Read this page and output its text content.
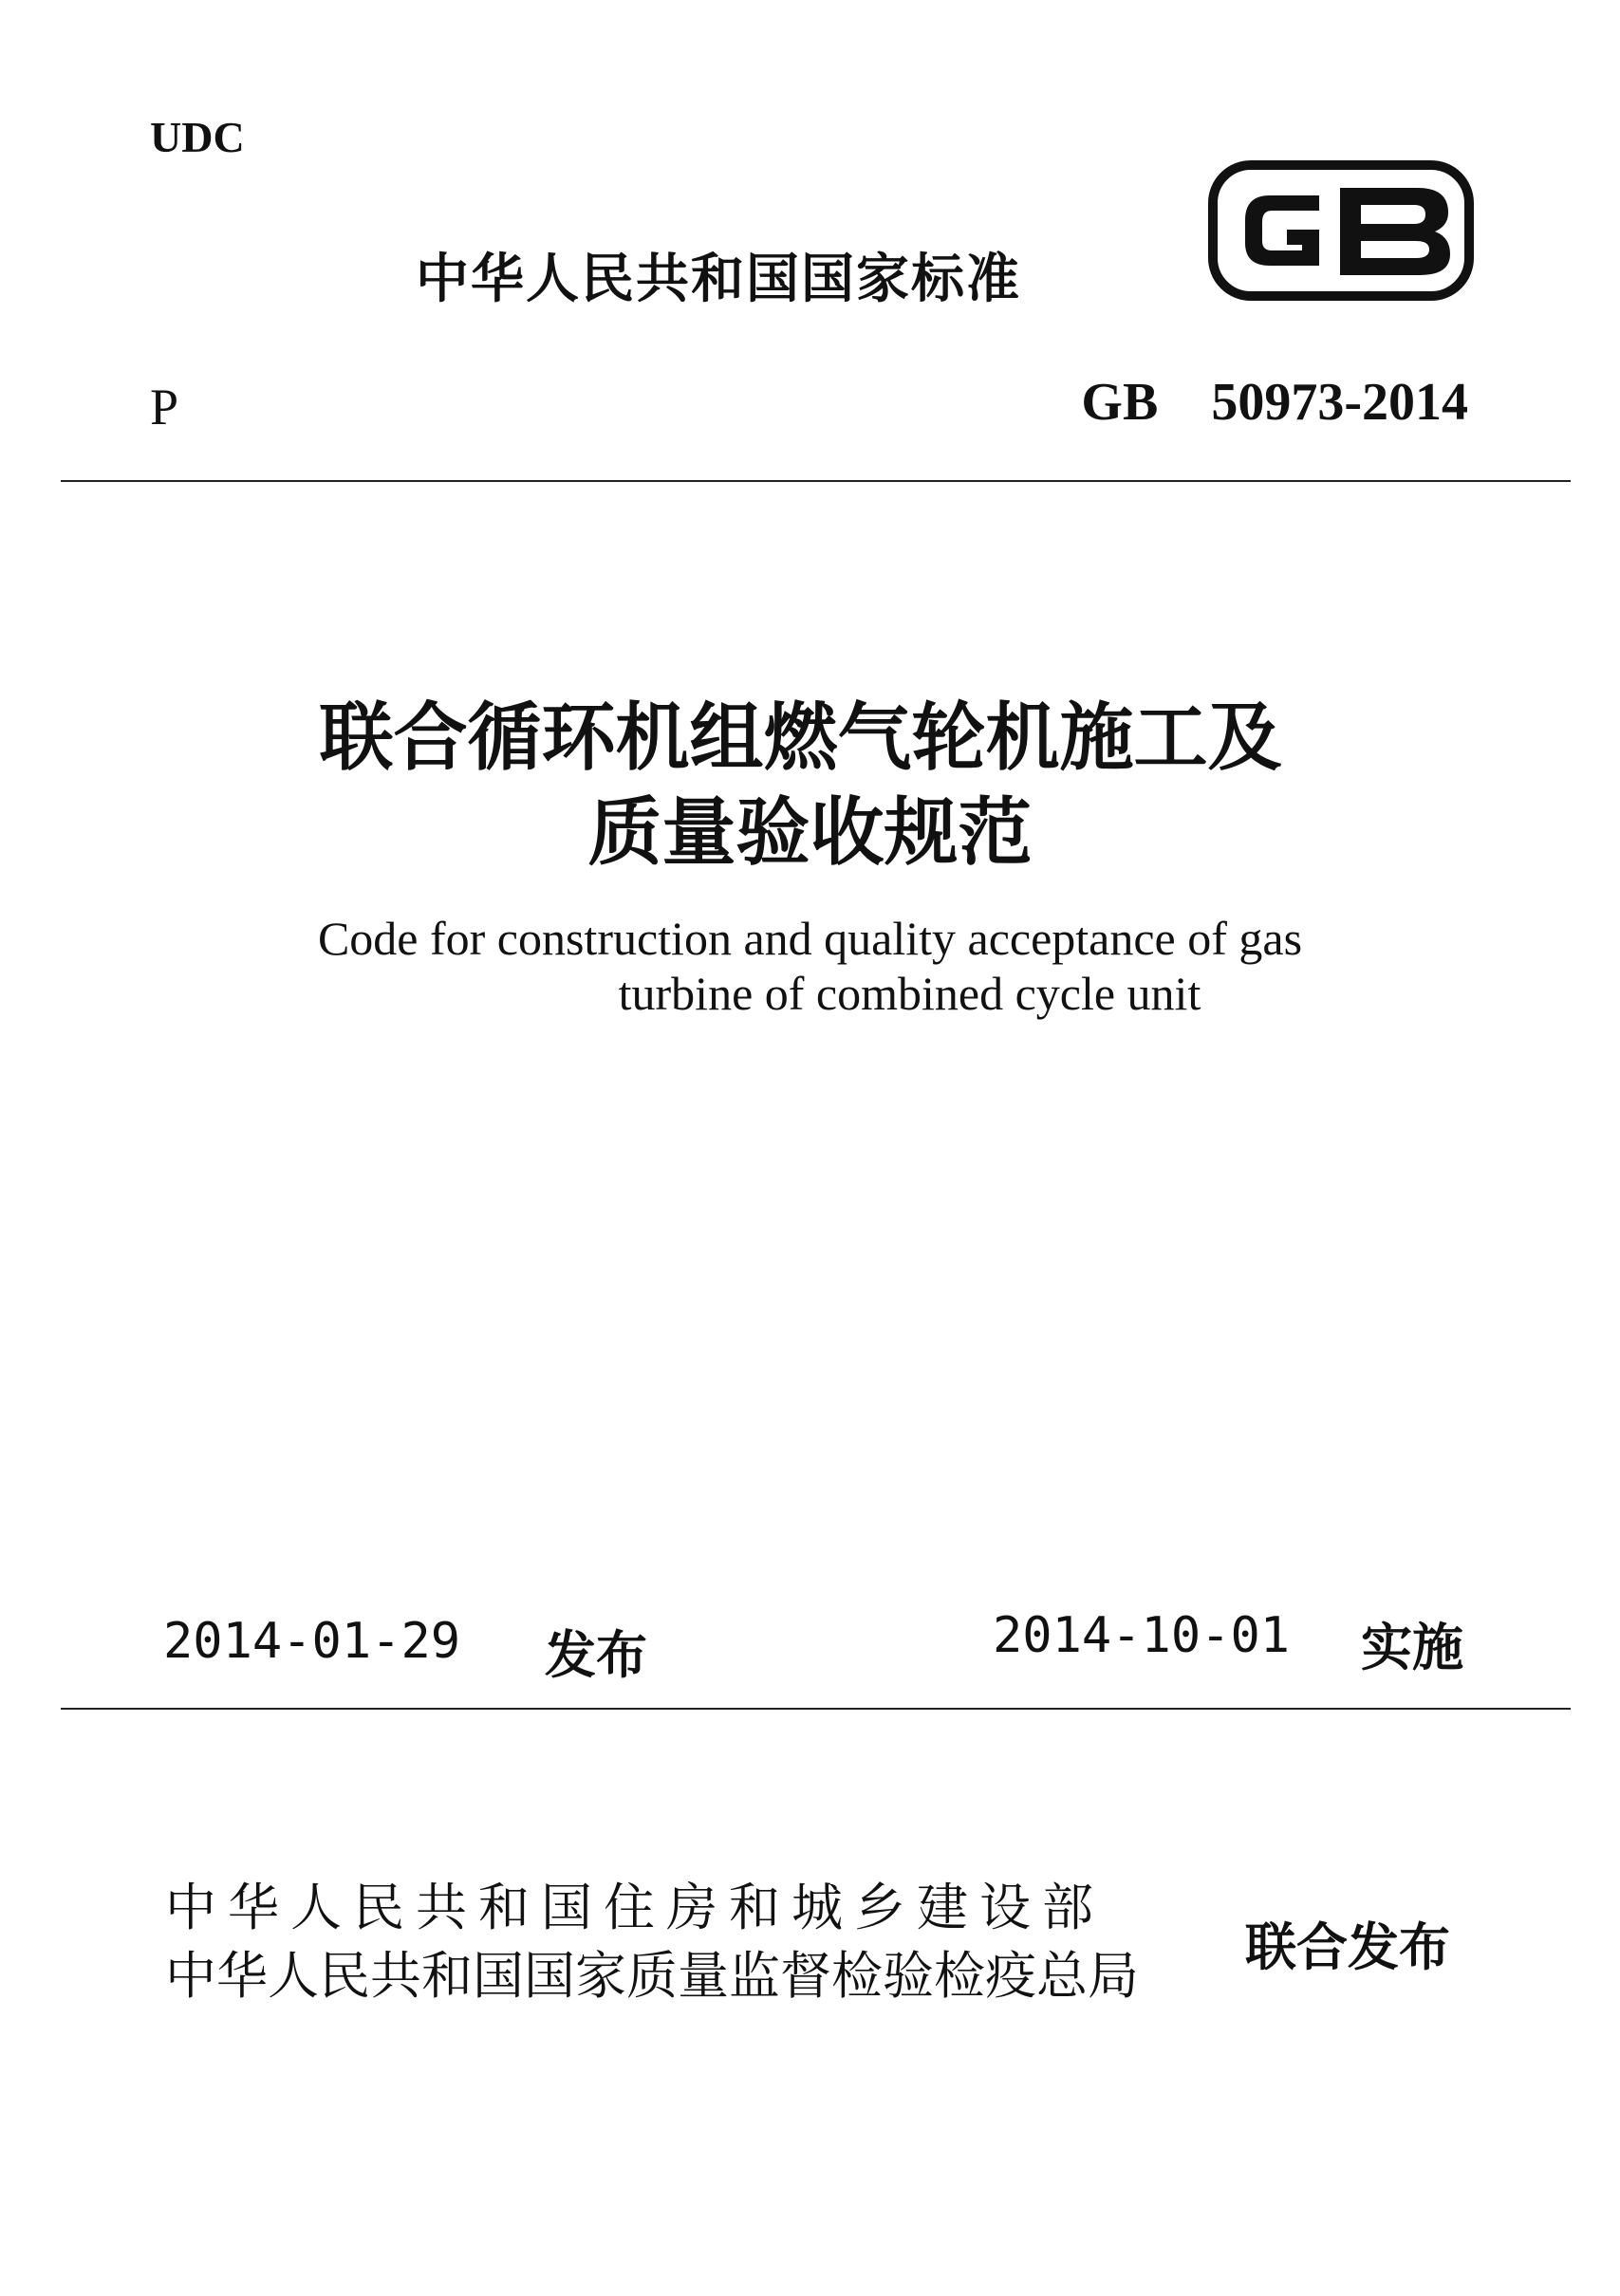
UDC
中华人民共和国国家标准
P	GB 50973-2014
联合循环机组燃气轮机施工及
质量验收规范
Code for construction and quality acceptance of gas
turbine of combined cycle unit
2014-01-29 发布	2014-10-01 实施
中华人民共和国住房和城乡建设部
中华人民共和国国家质量监督检验检疫总局 联合发布
